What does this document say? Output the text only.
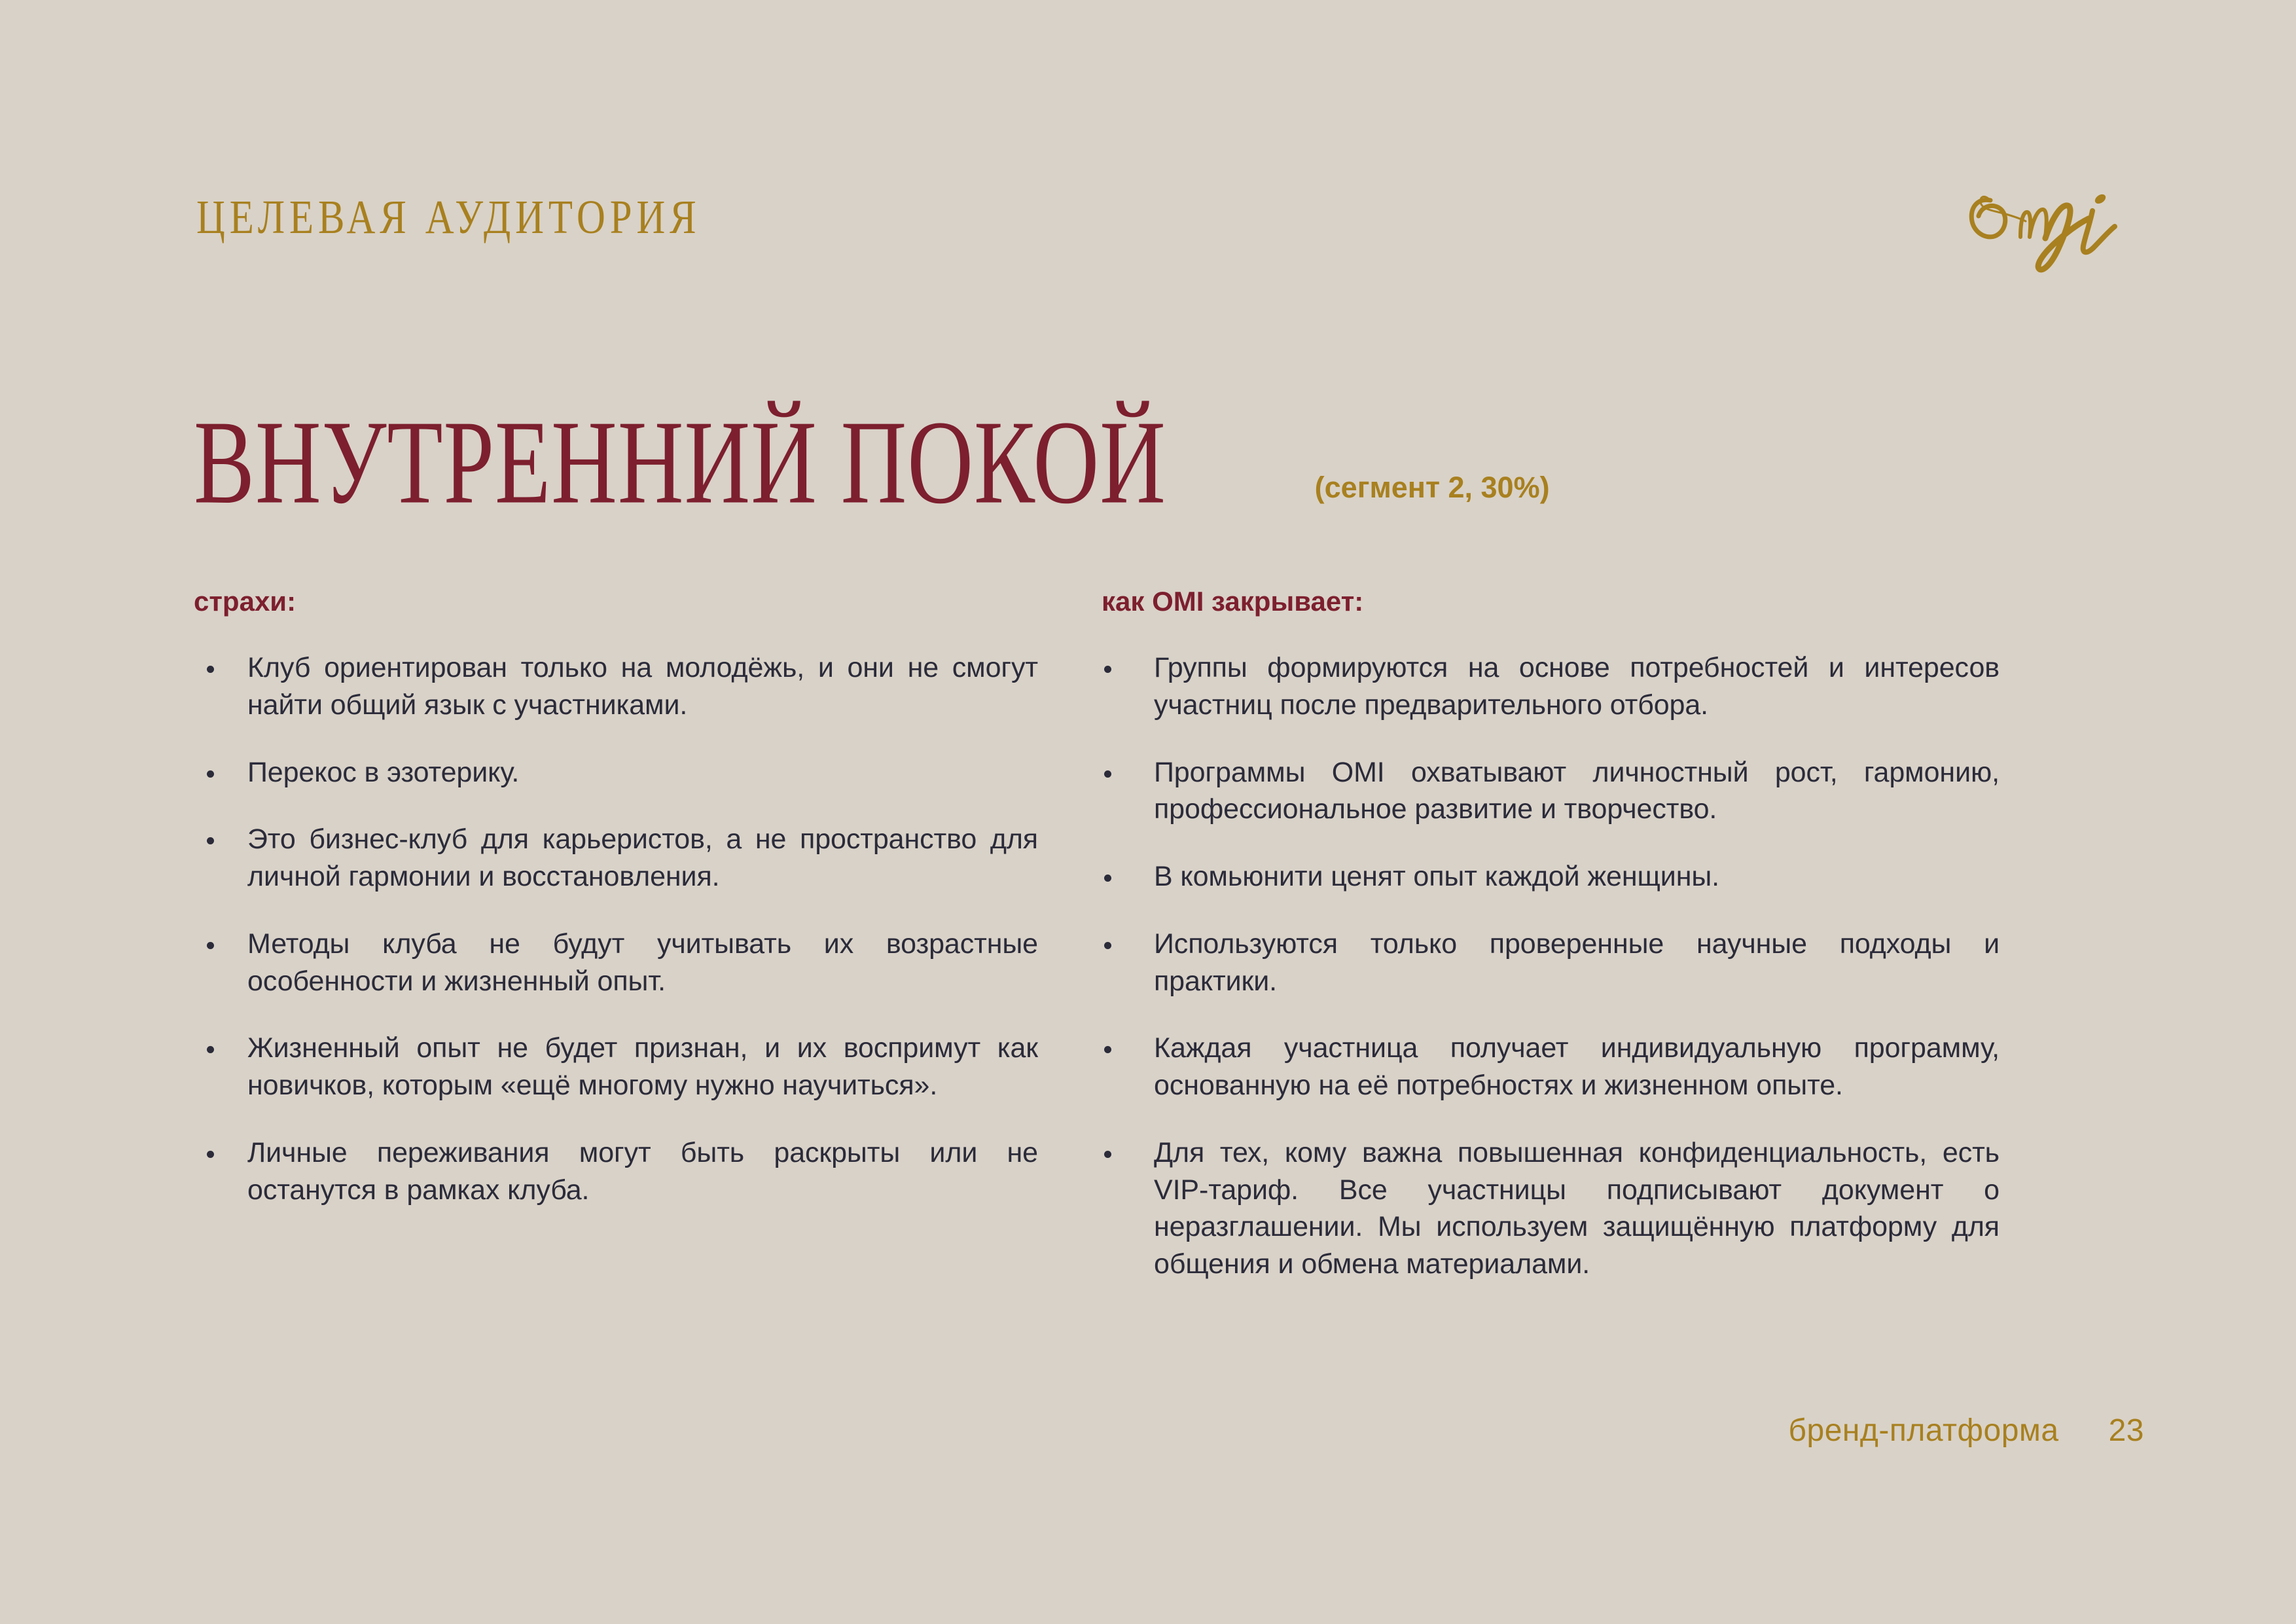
ЦЕЛЕВАЯ АУДИТОРИЯ
ВНУТРЕННИЙ ПОКОЙ	(сегмент 2, 30%)
страхи:
Клуб ориентирован только на молодёжь, и они не смогут найти общий язык с участниками.
Перекос в эзотерику.
Это бизнес-клуб для карьеристов, а не пространство для личной гармонии и восстановления.
Методы клуба не будут учитывать их возрастные особенности и жизненный опыт.
Жизненный опыт не будет признан, и их воспримут как новичков, которым «ещё многому нужно научиться».
Личные переживания могут быть раскрыты или не останутся в рамках клуба.
как OMI закрывает:
Группы формируются на основе потребностей и интересов участниц после предварительного отбора.
Программы OMI охватывают личностный рост, гармонию, профессиональное развитие и творчество.
В комьюнити ценят опыт каждой женщины.
Используются только проверенные научные подходы и практики.
Каждая участница получает индивидуальную программу, основанную на её потребностях и жизненном опыте.
Для тех, кому важна повышенная конфиденциальность, есть VIP-тариф. Все участницы подписывают документ о неразглашении. Мы используем защищённую платформу для общения и обмена материалами.
бренд-платформа 23
